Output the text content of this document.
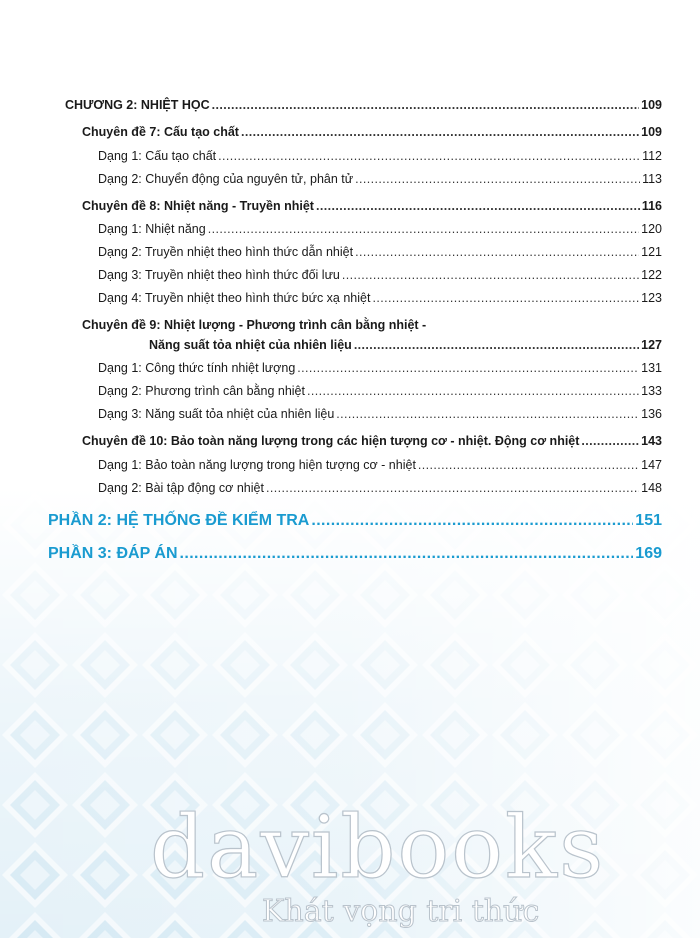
CHƯƠNG 2: NHIỆT HỌC .....	109
Chuyên đề 7: Cấu tạo chất .....	109
Dạng 1: Cấu tạo chất .....	112
Dạng 2: Chuyển động của nguyên tử, phân tử .....	113
Chuyên đề 8: Nhiệt năng - Truyền nhiệt .....	116
Dạng 1: Nhiệt năng .....	120
Dạng 2: Truyền nhiệt theo hình thức dẫn nhiệt .....	121
Dạng 3: Truyền nhiệt theo hình thức đối lưu .....	122
Dạng 4: Truyền nhiệt theo hình thức bức xạ nhiệt .....	123
Chuyên đề 9: Nhiệt lượng - Phương trình cân bằng nhiệt -
Năng suất tỏa nhiệt của nhiên liệu .....	127
Dạng 1: Công thức tính nhiệt lượng .....	131
Dạng 2: Phương trình cân bằng nhiệt .....	133
Dạng 3: Năng suất tỏa nhiệt của nhiên liệu .....	136
Chuyên đề 10: Bảo toàn năng lượng trong các hiện tượng cơ - nhiệt. Động cơ nhiệt .....	143
Dạng 1: Bảo toàn năng lượng trong hiện tượng cơ - nhiệt .....	147
Dạng 2: Bài tập động cơ nhiệt .....	148
PHẦN 2: HỆ THỐNG ĐỀ KIỂM TRA .....	151
PHẦN 3: ĐÁP ÁN .....	169
davibooks
Khát vọng tri thức
